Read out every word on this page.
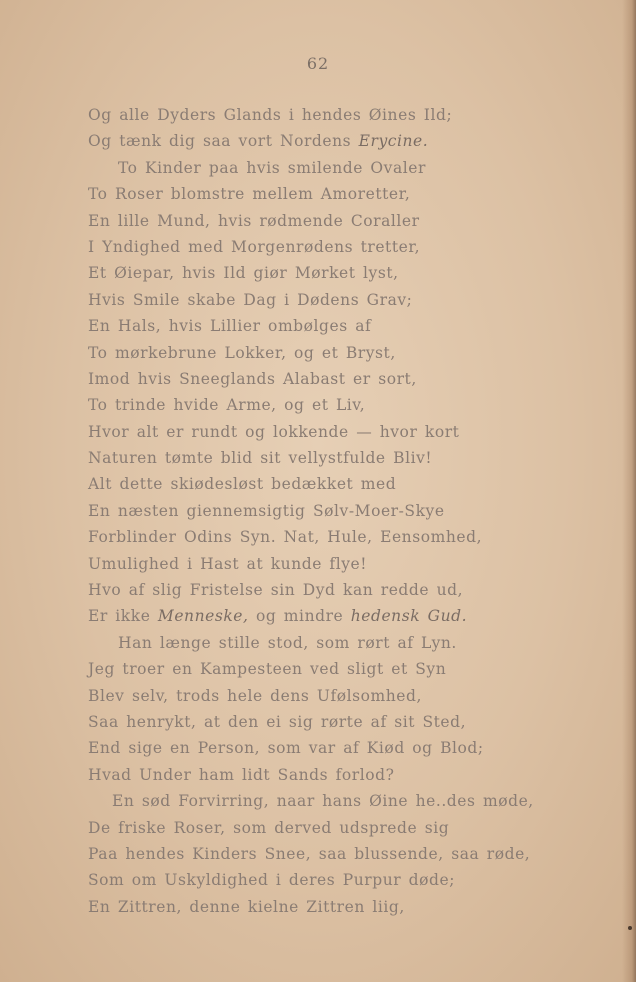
62
Og alle Dyders Glands i hendes Øines Ild;
Og tænk dig saa vort Nordens Erycine.
To Kinder paa hvis smilende Ovaler
To Roser blomstre mellem Amoretter,
En lille Mund, hvis rødmende Coraller
I Yndighed med Morgenrødens tretter,
Et Øiepar, hvis Ild giør Mørket lyst,
Hvis Smile skabe Dag i Dødens Grav;
En Hals, hvis Lillier ombølges af
To mørkebrune Lokker, og et Bryst,
Imod hvis Sneeglands Alabast er sort,
To trinde hvide Arme, og et Liv,
Hvor alt er rundt og lokkende — hvor kort
Naturen tømte blid sit vellystfulde Bliv!
Alt dette skiødesløst bedækket med
En næsten giennemsigtig Sølv-Moer-Skye
Forblinder Odins Syn. Nat, Hule, Eensomhed,
Umulighed i Hast at kunde flye!
Hvo af slig Fristelse sin Dyd kan redde ud,
Er ikke Menneske, og mindre hedensk Gud.
Han længe stille stod, som rørt af Lyn.
Jeg troer en Kampesteen ved sligt et Syn
Blev selv, trods hele dens Ufølsomhed,
Saa henrykt, at den ei sig rørte af sit Sted,
End sige en Person, som var af Kiød og Blod;
Hvad Under ham lidt Sands forlod?
En sød Forvirring, naar hans Øine he..des møde,
De friske Roser, som derved udsprede sig
Paa hendes Kinders Snee, saa blussende, saa røde,
Som om Uskyldighed i deres Purpur døde;
En Zittren, denne kielne Zittren liig,
